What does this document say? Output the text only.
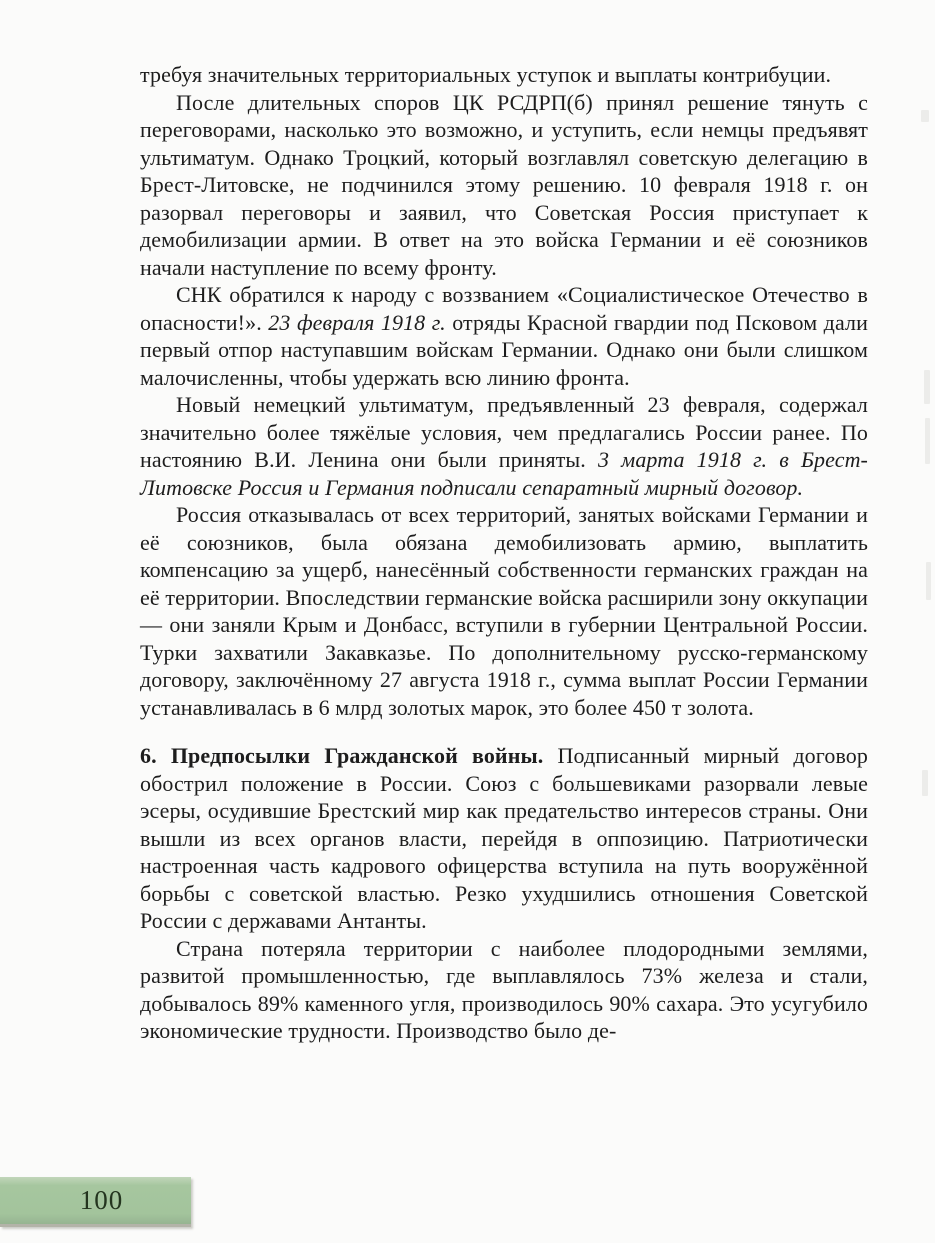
требуя значительных территориальных уступок и выплаты контрибуции.

После длительных споров ЦК РСДРП(б) принял решение тянуть с переговорами, насколько это возможно, и уступить, если немцы предъявят ультиматум. Однако Троцкий, который возглавлял советскую делегацию в Брест-Литовске, не подчинился этому решению. 10 февраля 1918 г. он разорвал переговоры и заявил, что Советская Россия приступает к демобилизации армии. В ответ на это войска Германии и её союзников начали наступление по всему фронту.

СНК обратился к народу с воззванием «Социалистическое Отечество в опасности!». 23 февраля 1918 г. отряды Красной гвардии под Псковом дали первый отпор наступавшим войскам Германии. Однако они были слишком малочисленны, чтобы удержать всю линию фронта.

Новый немецкий ультиматум, предъявленный 23 февраля, содержал значительно более тяжёлые условия, чем предлагались России ранее. По настоянию В.И. Ленина они были приняты. 3 марта 1918 г. в Брест-Литовске Россия и Германия подписали сепаратный мирный договор.

Россия отказывалась от всех территорий, занятых войсками Германии и её союзников, была обязана демобилизовать армию, выплатить компенсацию за ущерб, нанесённый собственности германских граждан на её территории. Впоследствии германские войска расширили зону оккупации — они заняли Крым и Донбасс, вступили в губернии Центральной России. Турки захватили Закавказье. По дополнительному русско-германскому договору, заключённому 27 августа 1918 г., сумма выплат России Германии устанавливалась в 6 млрд золотых марок, это более 450 т золота.

6. Предпосылки Гражданской войны. Подписанный мирный договор обострил положение в России. Союз с большевиками разорвали левые эсеры, осудившие Брестский мир как предательство интересов страны. Они вышли из всех органов власти, перейдя в оппозицию. Патриотически настроенная часть кадрового офицерства вступила на путь вооружённой борьбы с советской властью. Резко ухудшились отношения Советской России с державами Антанты.

Страна потеряла территории с наиболее плодородными землями, развитой промышленностью, где выплавлялось 73% железа и стали, добывалось 89% каменного угля, производилось 90% сахара. Это усугубило экономические трудности. Производство было де-

100
